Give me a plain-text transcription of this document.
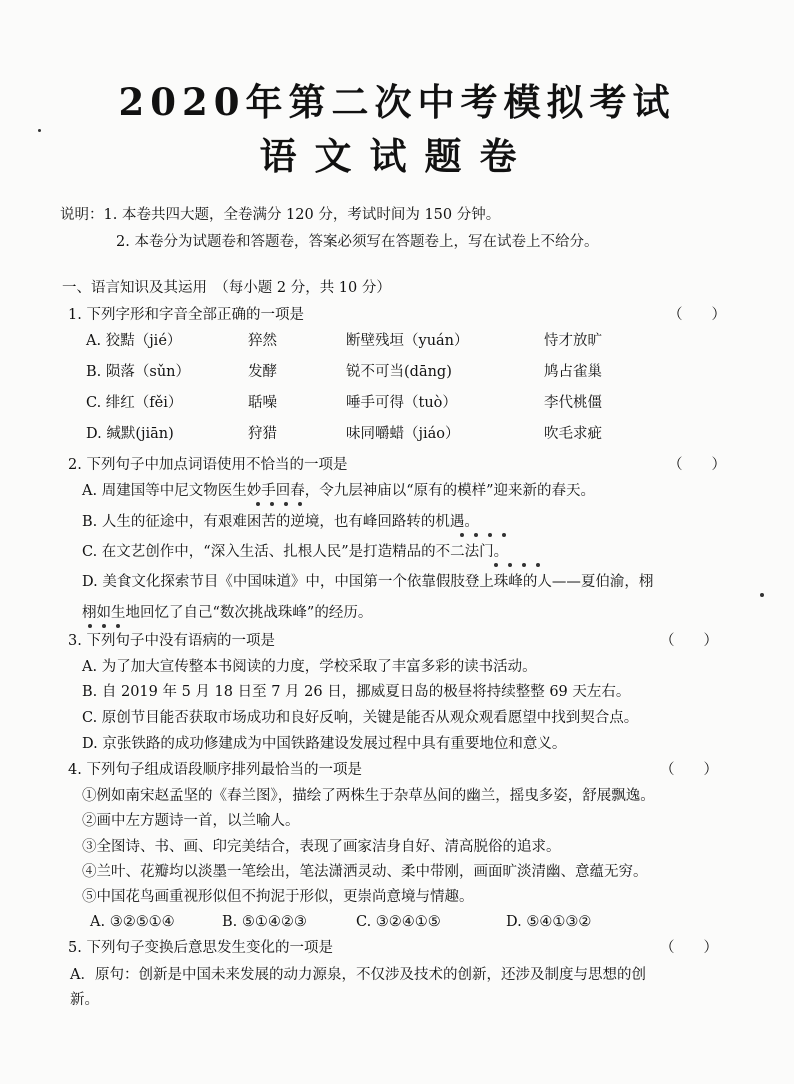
2020年第二次中考模拟考试
语文试题卷
说明：1. 本卷共四大题，全卷满分 120 分，考试时间为 150 分钟。
2. 本卷分为试题卷和答题卷，答案必须写在答题卷上，写在试卷上不给分。
一、语言知识及其运用　（每小题 2 分，共 10 分）
1. 下列字形和字音全部正确的一项是	（　　）
A. 狡黠（jié）	猝然	断壁残垣（yuán）	恃才放旷
B. 陨落（sǔn）	发酵	锐不可当(dāng)	鸠占雀巢
C. 绯红（fěi）	聒噪	唾手可得（tuò）	李代桃僵
D. 缄默(jiān)	狩猎	味同嚼蜡（jiáo）	吹毛求疵
2. 下列句子中加点词语使用不恰当的一项是	（　　）
A. 周建国等中尼文物医生妙手回春，令九层神庙以“原有的模样”迎来新的春天。
B. 人生的征途中，有艰难困苦的逆境，也有峰回路转的机遇。
C. 在文艺创作中，“深入生活、扎根人民”是打造精品的不二法门。
D. 美食文化探索节目《中国味道》中，中国第一个依靠假肢登上珠峰的人——夏伯渝，栩
栩如生地回忆了自己“数次挑战珠峰”的经历。
3. 下列句子中没有语病的一项是	（　　）
A. 为了加大宣传整本书阅读的力度，学校采取了丰富多彩的读书活动。
B. 自 2019 年 5 月 18 日至 7 月 26 日，挪威夏日岛的极昼将持续整整 69 天左右。
C. 原创节目能否获取市场成功和良好反响，关键是能否从观众观看愿望中找到契合点。
D. 京张铁路的成功修建成为中国铁路建设发展过程中具有重要地位和意义。
4. 下列句子组成语段顺序排列最恰当的一项是	（　　）
①例如南宋赵孟坚的《春兰图》，描绘了两株生于杂草丛间的幽兰，摇曳多姿，舒展飘逸。
②画中左方题诗一首，以兰喻人。
③全图诗、书、画、印完美结合，表现了画家洁身自好、清高脱俗的追求。
④兰叶、花瓣均以淡墨一笔绘出，笔法潇洒灵动、柔中带刚，画面旷淡清幽、意蕴无穷。
⑤中国花鸟画重视形似但不拘泥于形似，更崇尚意境与情趣。
A. ③②⑤①④	B. ⑤①④②③	C. ③②④①⑤	D. ⑤④①③②
5. 下列句子变换后意思发生变化的一项是	（　　）
A．原句：创新是中国未来发展的动力源泉，不仅涉及技术的创新，还涉及制度与思想的创
新。
